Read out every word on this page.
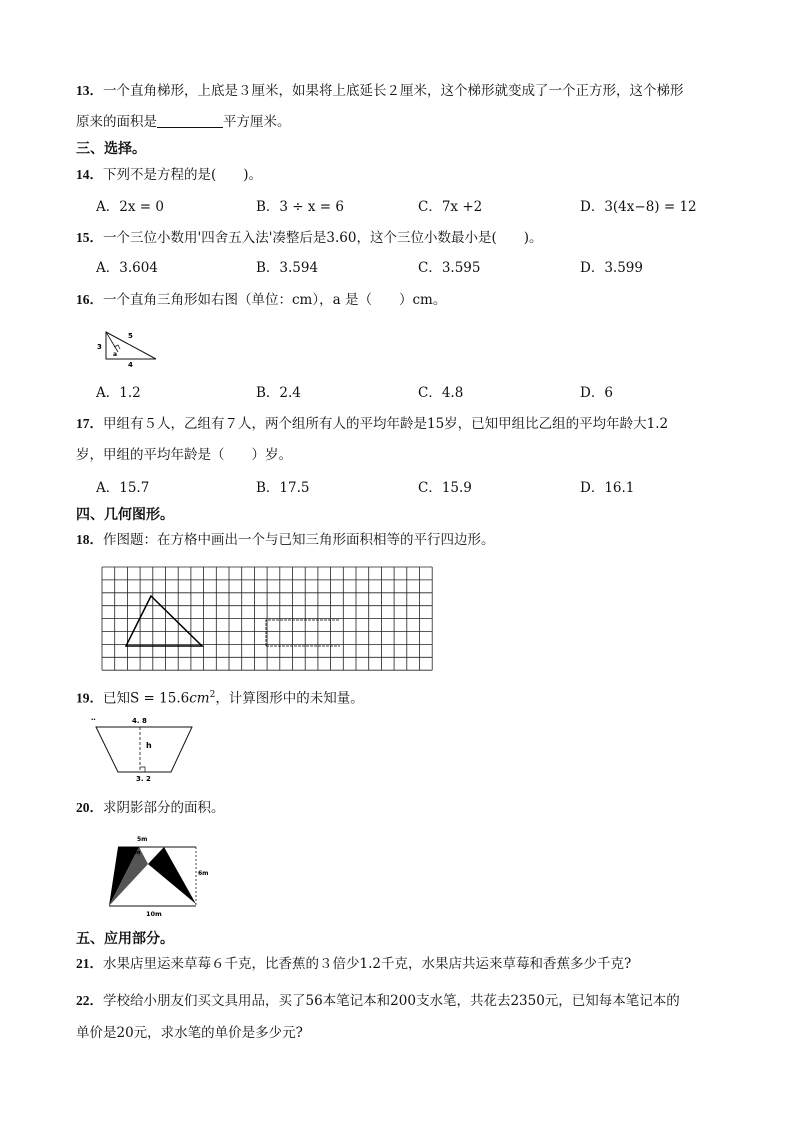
13．一个直角梯形，上底是３厘米，如果将上底延长２厘米，这个梯形就变成了一个正方形，这个梯形
原来的面积是	平方厘米。
三、选择。
14．下列不是方程的是(　　)。
A．2x = 0	B．3 ÷ x = 6	C．7x +2	D．3(4x−8) = 12
15．一个三位小数用'四舍五入法'凑整后是3.60，这个三位小数最小是(　　)。
A．3.604	B．3.594	C．3.595	D．3.599
16．一个直角三角形如右图（单位：cm），a 是（　　）cm。
3
5
4
a
A．1.2	B．2.4	C．4.8	D．6
17．甲组有５人，乙组有７人，两个组所有人的平均年龄是15岁，已知甲组比乙组的平均年龄大1.2
岁，甲组的平均年龄是（　　）岁。
A．15.7	B．17.5	C．15.9	D．16.1
四、几何图形。
18．作图题：在方格中画出一个与已知三角形面积相等的平行四边形。
19．已知$S = 15.6cm^2$，计算图形中的未知量。
‥	4. 8
h
3. 2
20．求阴影部分的面积。
5m
2m
6m
10m
五、应用部分。
21．水果店里运来草莓６千克，比香蕉的３倍少1.2千克，水果店共运来草莓和香蕉多少千克?
22．学校给小朋友们买文具用品，买了56本笔记本和200支水笔，共花去2350元，已知每本笔记本的
单价是20元，求水笔的单价是多少元?
